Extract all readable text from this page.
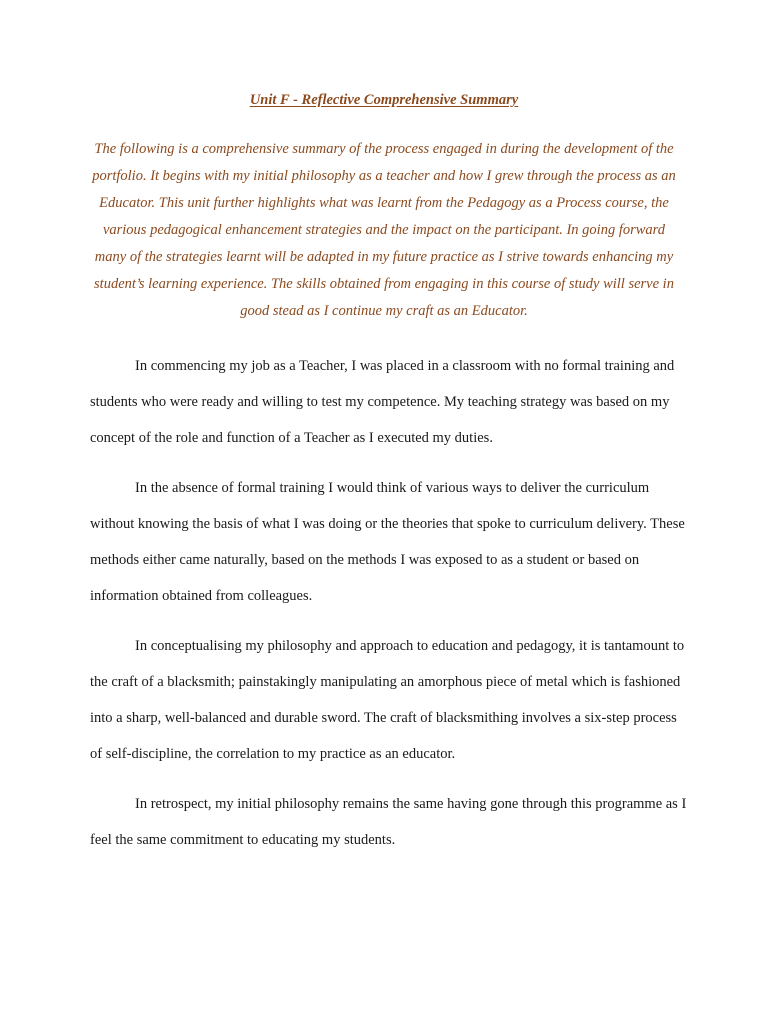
Unit F - Reflective Comprehensive Summary

The following is a comprehensive summary of the process engaged in during the development of the portfolio. It begins with my initial philosophy as a teacher and how I grew through the process as an Educator. This unit further highlights what was learnt from the Pedagogy as a Process course, the various pedagogical enhancement strategies and the impact on the participant. In going forward many of the strategies learnt will be adapted in my future practice as I strive towards enhancing my student’s learning experience. The skills obtained from engaging in this course of study will serve in good stead as I continue my craft as an Educator.

In commencing my job as a Teacher, I was placed in a classroom with no formal training and students who were ready and willing to test my competence. My teaching strategy was based on my concept of the role and function of a Teacher as I executed my duties.

In the absence of formal training I would think of various ways to deliver the curriculum without knowing the basis of what I was doing or the theories that spoke to curriculum delivery. These methods either came naturally, based on the methods I was exposed to as a student or based on information obtained from colleagues.

In conceptualising my philosophy and approach to education and pedagogy, it is tantamount to the craft of a blacksmith; painstakingly manipulating an amorphous piece of metal which is fashioned into a sharp, well-balanced and durable sword. The craft of blacksmithing involves a six-step process of self-discipline, the correlation to my practice as an educator.

In retrospect, my initial philosophy remains the same having gone through this programme as I feel the same commitment to educating my students.
